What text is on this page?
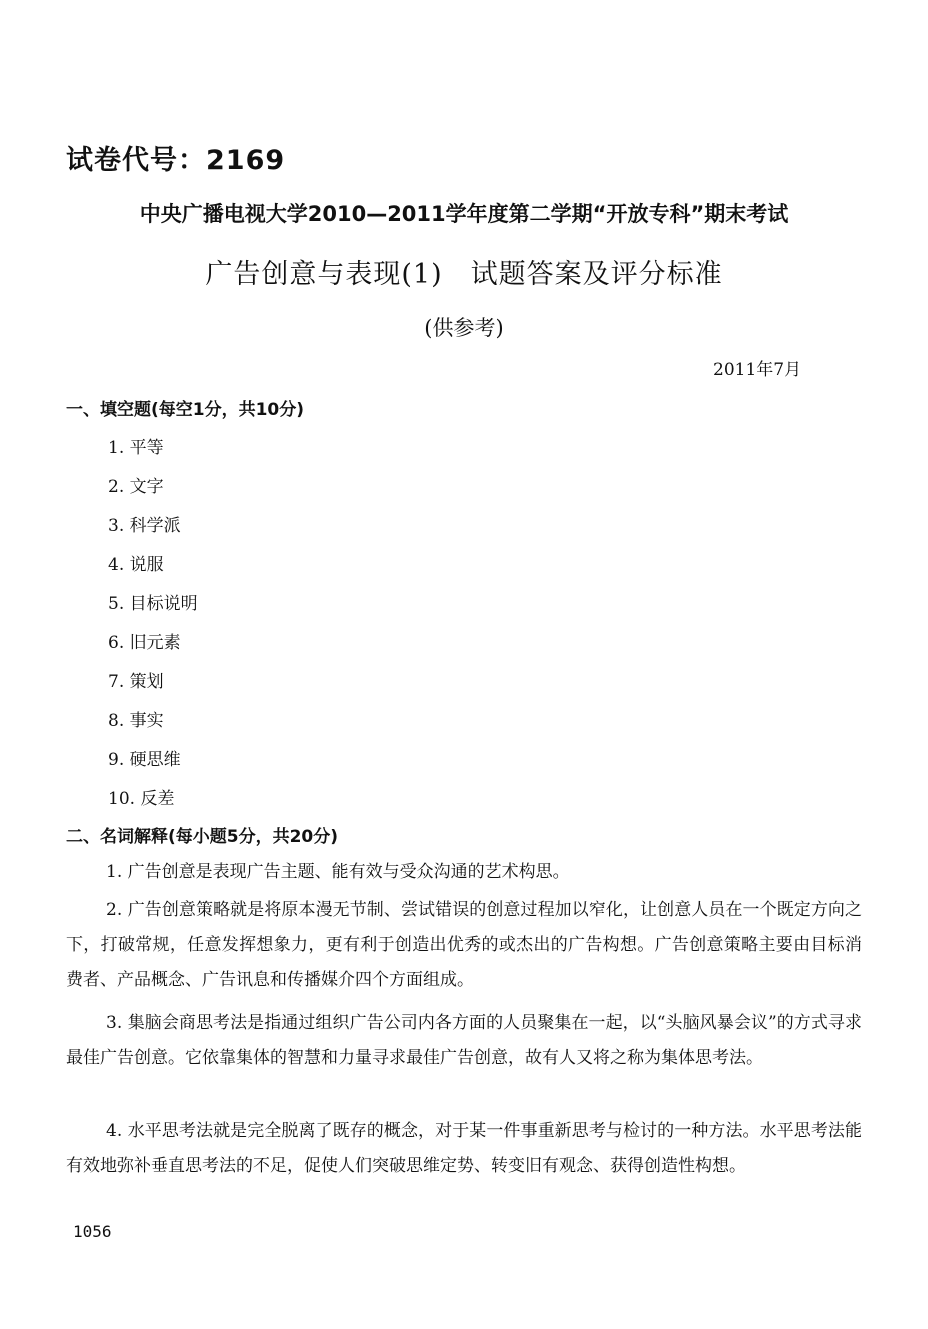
试卷代号：2169
中央广播电视大学2010—2011学年度第二学期“开放专科”期末考试
广告创意与表现(1)　试题答案及评分标准
(供参考)
2011年7月
一、填空题(每空1分，共10分)
1. 平等
2. 文字
3. 科学派
4. 说服
5. 目标说明
6. 旧元素
7. 策划
8. 事实
9. 硬思维
10. 反差
二、名词解释(每小题5分，共20分)

1. 广告创意是表现广告主题、能有效与受众沟通的艺术构思。

2. 广告创意策略就是将原本漫无节制、尝试错误的创意过程加以窄化，让创意人员在一个既定方向之下，打破常规，任意发挥想象力，更有利于创造出优秀的或杰出的广告构想。广告创意策略主要由目标消费者、产品概念、广告讯息和传播媒介四个方面组成。

3. 集脑会商思考法是指通过组织广告公司内各方面的人员聚集在一起，以“头脑风暴会议”的方式寻求最佳广告创意。它依靠集体的智慧和力量寻求最佳广告创意，故有人又将之称为集体思考法。

4. 水平思考法就是完全脱离了既存的概念，对于某一件事重新思考与检讨的一种方法。水平思考法能有效地弥补垂直思考法的不足，促使人们突破思维定势、转变旧有观念、获得创造性构想。

1056
